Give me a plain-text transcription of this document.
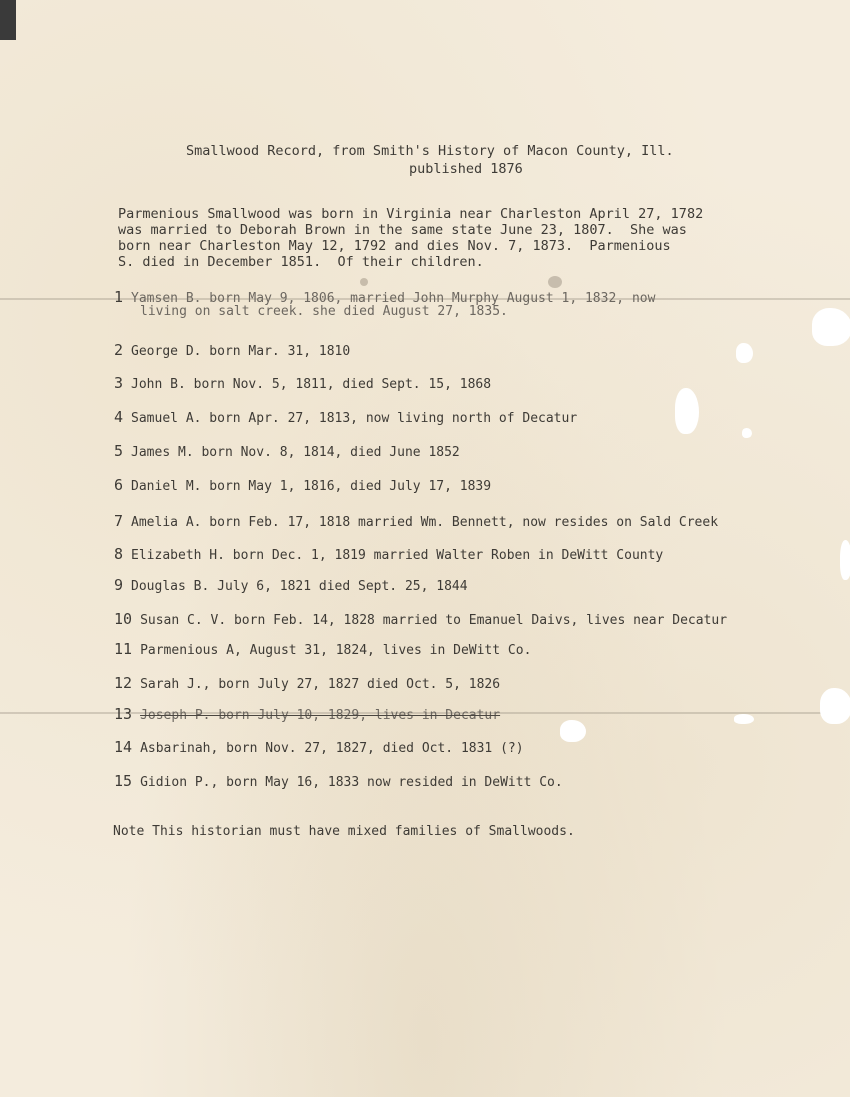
Smallwood Record, from Smith's History of Macon County, Ill.
published 1876
Parmenious Smallwood was born in Virginia near Charleston April 27, 1782
was married to Deborah Brown in the same state June 23, 1807.  She was
born near Charleston May 12, 1792 and dies Nov. 7, 1873.  Parmenious
S. died in December 1851.  Of their children.
1 Yamsen B. born May 9, 1806, married John Murphy August 1, 1832, now
living on salt creek. she died August 27, 1835.
2 George D. born Mar. 31, 1810
3 John B. born Nov. 5, 1811, died Sept. 15, 1868
4 Samuel A. born Apr. 27, 1813, now living north of Decatur
5 James M. born Nov. 8, 1814, died June 1852
6 Daniel M. born May 1, 1816, died July 17, 1839
7 Amelia A. born Feb. 17, 1818 married Wm. Bennett, now resides on Sald Creek
8 Elizabeth H. born Dec. 1, 1819 married Walter Roben in DeWitt County
9 Douglas B. July 6, 1821 died Sept. 25, 1844
10 Susan C. V. born Feb. 14, 1828 married to Emanuel Daivs, lives near Decatur
11 Parmenious A, August 31, 1824, lives in DeWitt Co.
12 Sarah J., born July 27, 1827 died Oct. 5, 1826
13 Joseph P. born July 10, 1829, lives in Decatur
14 Asbarinah, born Nov. 27, 1827, died Oct. 1831 (?)
15 Gidion P., born May 16, 1833 now resided in DeWitt Co.
Note This historian must have mixed families of Smallwoods.
